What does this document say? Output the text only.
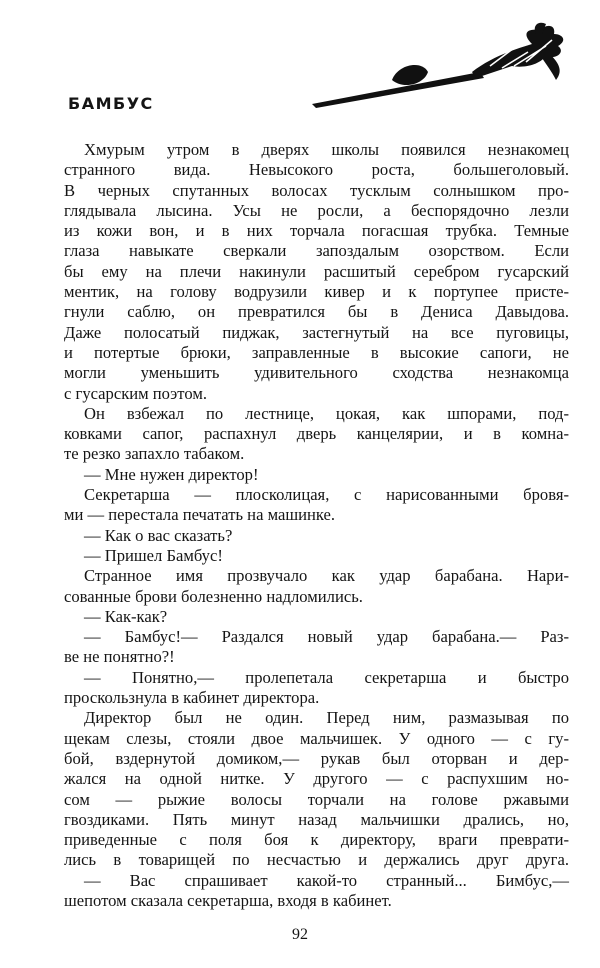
БАМБУС
Хмурым утром в дверях школы появился незнакомец
странного вида. Невысокого роста, большеголовый.
В черных спутанных волосах тусклым солнышком про-
глядывала лысина. Усы не росли, а беспорядочно лезли
из кожи вон, и в них торчала погасшая трубка. Темные
глаза навыкате сверкали запоздалым озорством. Если
бы ему на плечи накинули расшитый серебром гусарский
ментик, на голову водрузили кивер и к портупее присте-
гнули саблю, он превратился бы в Дениса Давыдова.
Даже полосатый пиджак, застегнутый на все пуговицы,
и потертые брюки, заправленные в высокие сапоги, не
могли уменьшить удивительного сходства незнакомца
с гусарским поэтом.
Он взбежал по лестнице, цокая, как шпорами, под-
ковками сапог, распахнул дверь канцелярии, и в комна-
те резко запахло табаком.
— Мне нужен директор!
Секретарша — плосколицая, с нарисованными бровя-
ми — перестала печатать на машинке.
— Как о вас сказать?
— Пришел Бамбус!
Странное имя прозвучало как удар барабана. Нари-
сованные брови болезненно надломились.
— Как-как?
— Бамбус!— Раздался новый удар барабана.— Раз-
ве не понятно?!
— Понятно,— пролепетала секретарша и быстро
проскользнула в кабинет директора.
Директор был не один. Перед ним, размазывая по
щекам слезы, стояли двое мальчишек. У одного — с гу-
бой, вздернутой домиком,— рукав был оторван и дер-
жался на одной нитке. У другого — с распухшим но-
сом — рыжие волосы торчали на голове ржавыми
гвоздиками. Пять минут назад мальчишки дрались, но,
приведенные с поля боя к директору, враги преврати-
лись в товарищей по несчастью и держались друг друга.
— Вас спрашивает какой-то странный... Бимбус,—
шепотом сказала секретарша, входя в кабинет.
92
